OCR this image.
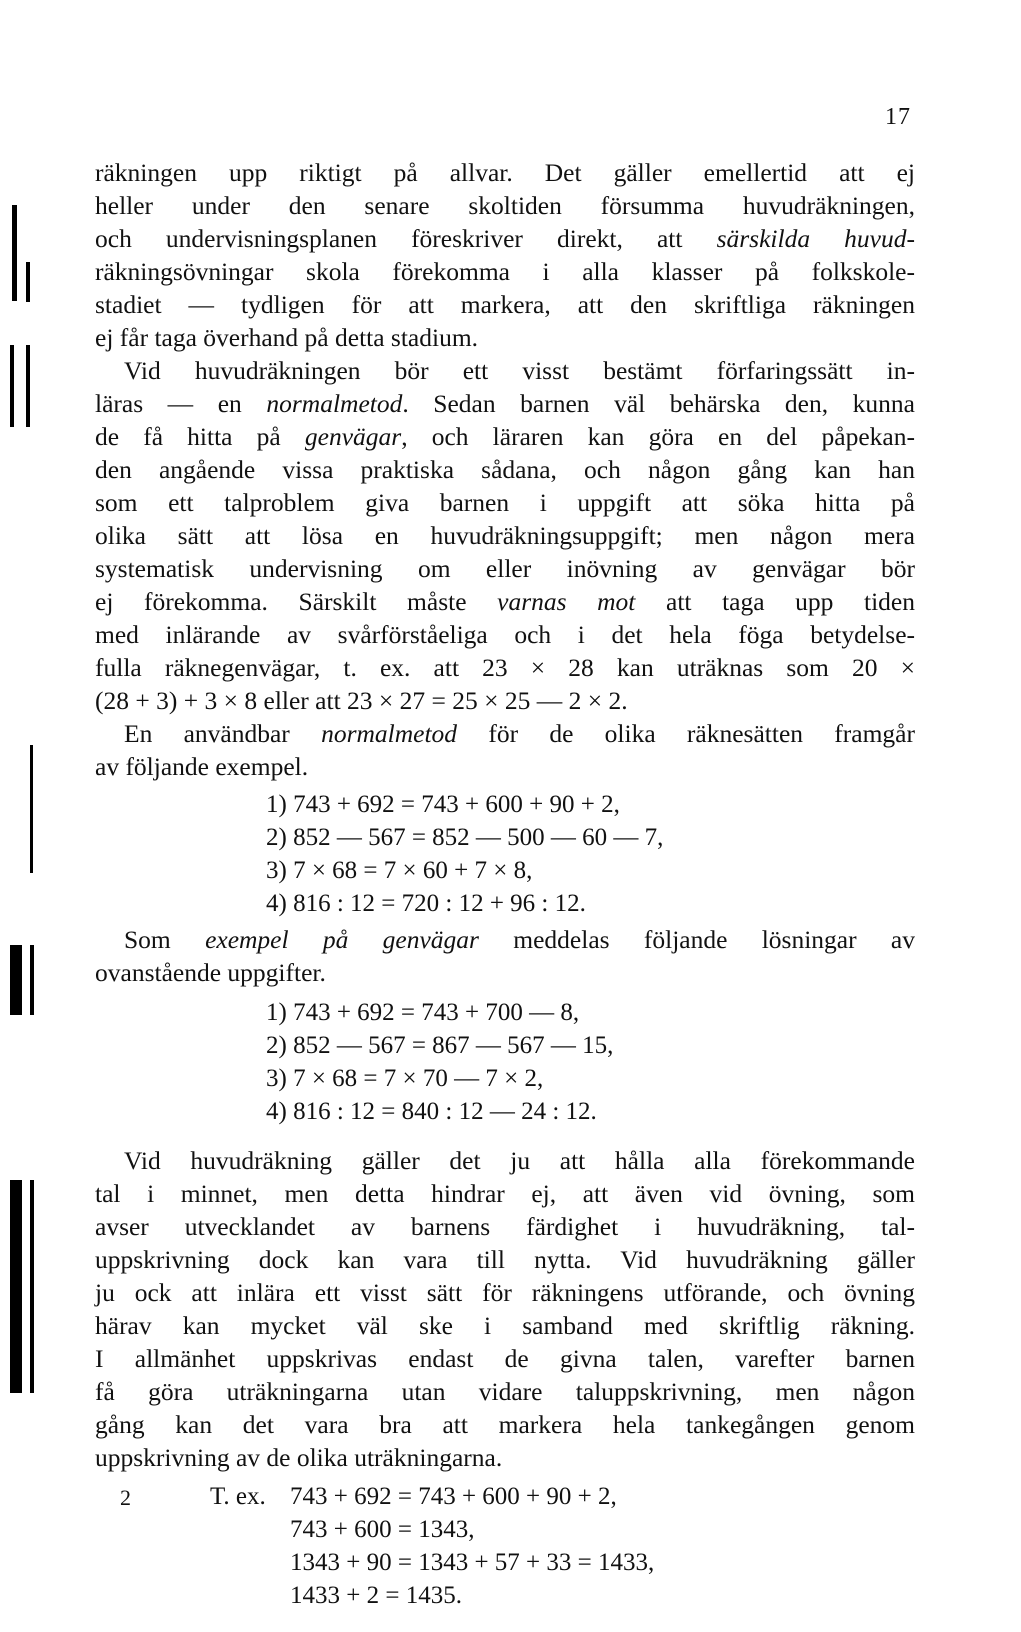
17
räkningen upp riktigt på allvar. Det gäller emellertid att ej
heller under den senare skoltiden försumma huvudräkningen,
och undervisningsplanen föreskriver direkt, att särskilda huvud-
räkningsövningar skola förekomma i alla klasser på folkskole-
stadiet — tydligen för att markera, att den skriftliga räkningen
ej får taga överhand på detta stadium.
Vid huvudräkningen bör ett visst bestämt förfaringssätt in-
läras — en normalmetod. Sedan barnen väl behärska den, kunna
de få hitta på genvägar, och läraren kan göra en del påpekan-
den angående vissa praktiska sådana, och någon gång kan han
som ett talproblem giva barnen i uppgift att söka hitta på
olika sätt att lösa en huvudräkningsuppgift; men någon mera
systematisk undervisning om eller inövning av genvägar bör
ej förekomma. Särskilt måste varnas mot att taga upp tiden
med inlärande av svårförståeliga och i det hela föga betydelse-
fulla räknegenvägar, t. ex. att 23 × 28 kan uträknas som 20 ×
(28 + 3) + 3 × 8 eller att 23 × 27 = 25 × 25 — 2 × 2.
En användbar normalmetod för de olika räknesätten framgår
av följande exempel.
1) 743 + 692 = 743 + 600 + 90 + 2,
2) 852 — 567 = 852 — 500 — 60 — 7,
3) 7 × 68 = 7 × 60 + 7 × 8,
4) 816 : 12 = 720 : 12 + 96 : 12.
Som exempel på genvägar meddelas följande lösningar av
ovanstående uppgifter.
1) 743 + 692 = 743 + 700 — 8,
2) 852 — 567 = 867 — 567 — 15,
3) 7 × 68 = 7 × 70 — 7 × 2,
4) 816 : 12 = 840 : 12 — 24 : 12.
Vid huvudräkning gäller det ju att hålla alla förekommande
tal i minnet, men detta hindrar ej, att även vid övning, som
avser utvecklandet av barnens färdighet i huvudräkning, tal-
uppskrivning dock kan vara till nytta. Vid huvudräkning gäller
ju ock att inlära ett visst sätt för räkningens utförande, och övning
härav kan mycket väl ske i samband med skriftlig räkning.
I allmänhet uppskrivas endast de givna talen, varefter barnen
få göra uträkningarna utan vidare taluppskrivning, men någon
gång kan det vara bra att markera hela tankegången genom
uppskrivning av de olika uträkningarna.
T. ex. 743 + 692 = 743 + 600 + 90 + 2,
743 + 600 = 1343,
1343 + 90 = 1343 + 57 + 33 = 1433,
1433 + 2 = 1435.
2
